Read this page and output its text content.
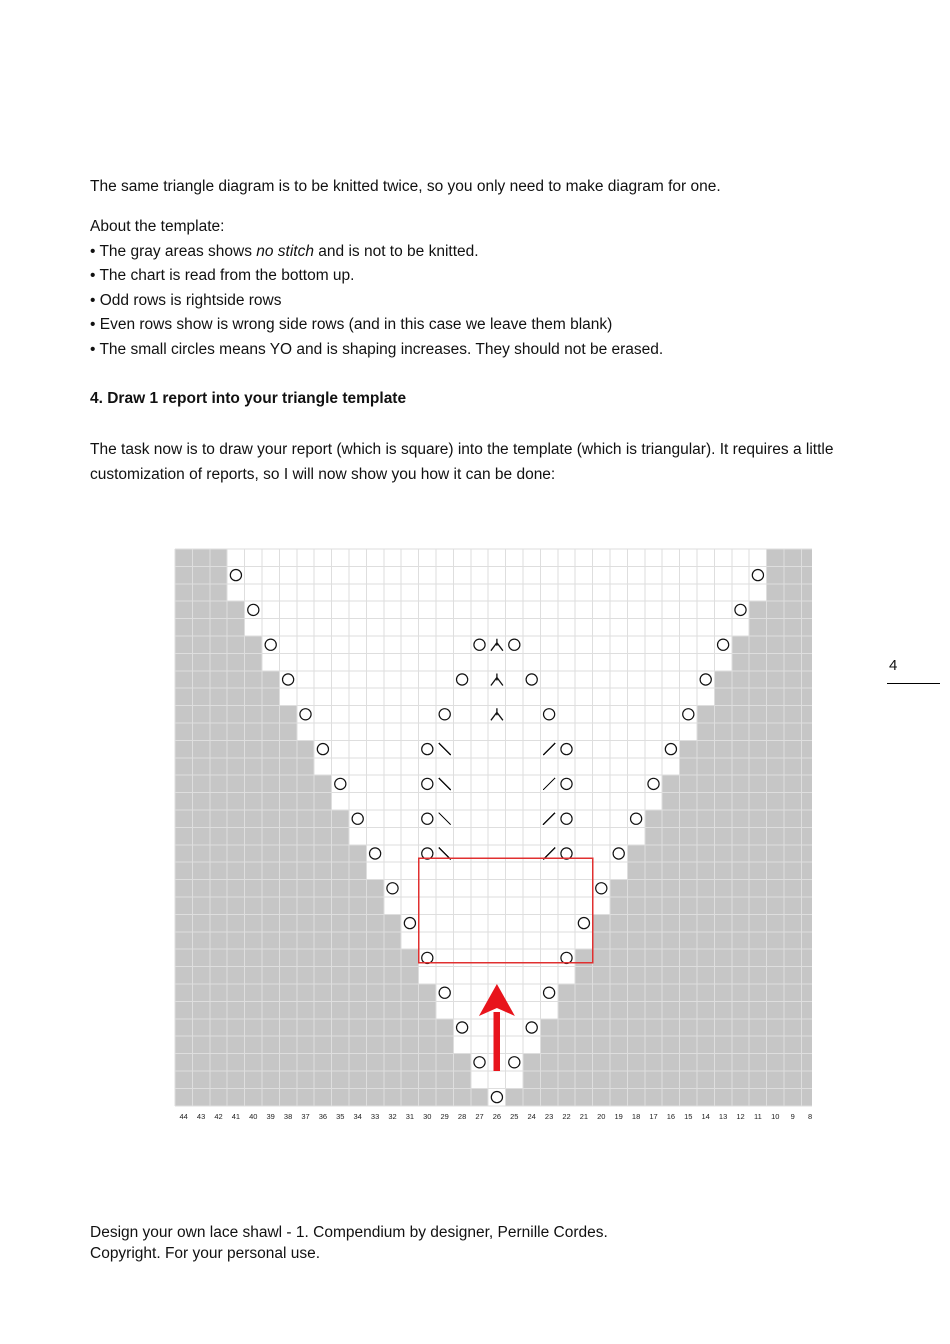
The same triangle diagram is to be knitted twice, so you only need to make diagram for one.

About the template:
• The gray areas shows no stitch and is not to be knitted.
• The chart is read from the bottom up.
• Odd rows is rightside rows
• Even rows show is wrong side rows (and in this case we leave them blank)
• The small circles means YO and is shaping increases. They should not be erased.

4. Draw 1 report into your triangle template

The task now is to draw your report (which is square) into the template (which is triangular). It requires a little customization of reports, so I will now show you how it can be done:

4
44 43 42 41 40 39 38 37 36 35 34 33 32 31 30 29 28 27 26 25 24 23 22 21 20 19 18 17 16 15 14 13 12 11 10 9 8
Design your own lace shawl - 1. Compendium by designer, Pernille Cordes.
Copyright. For your personal use.
